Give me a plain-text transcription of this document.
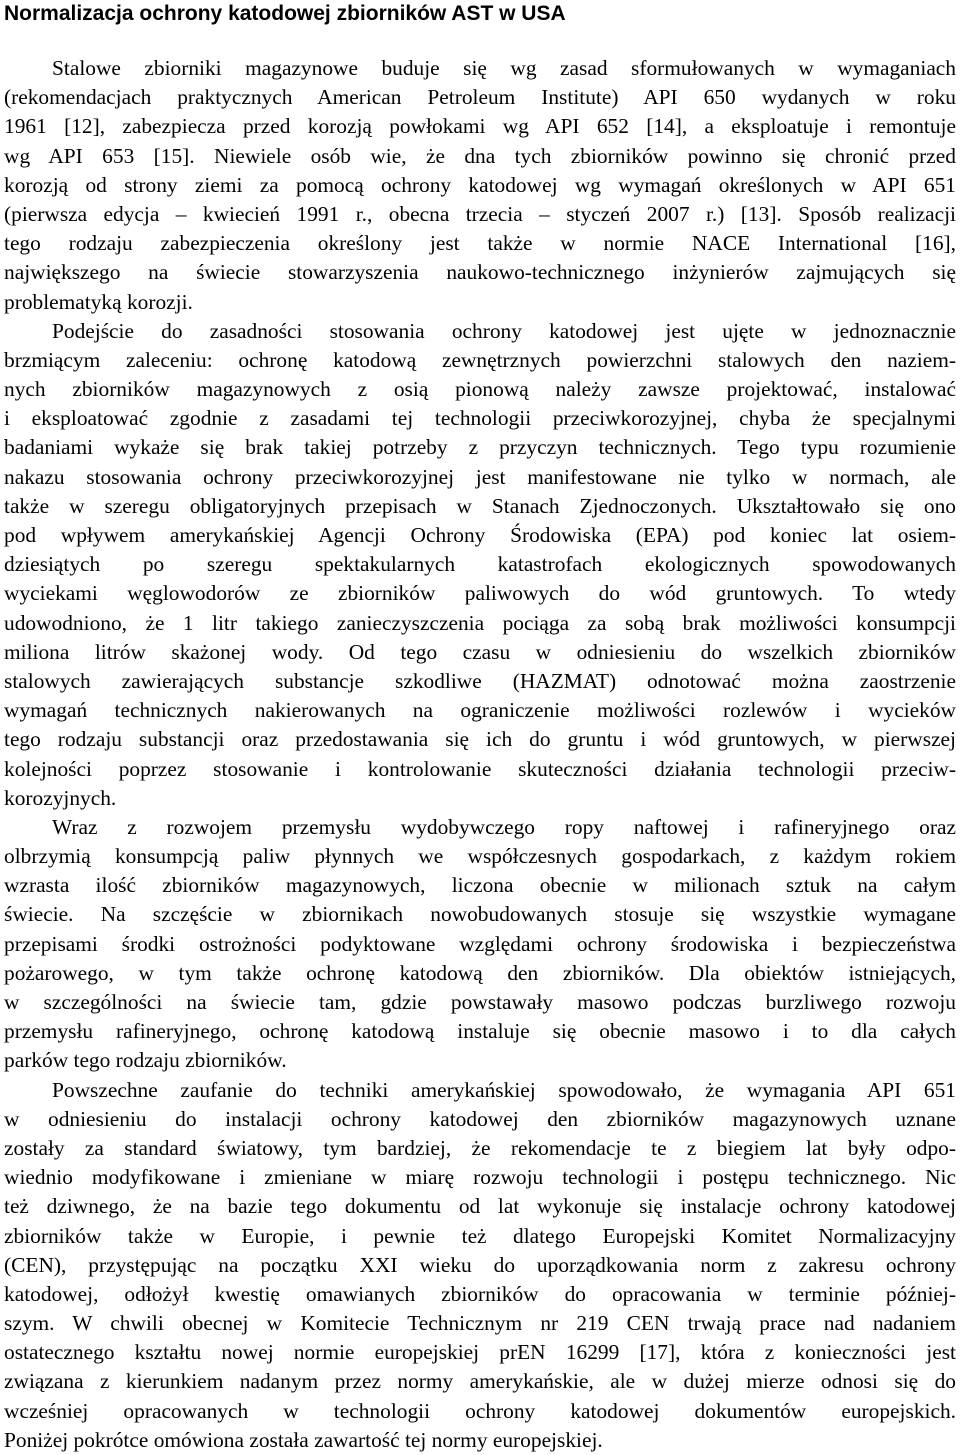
Normalizacja ochrony katodowej zbiorników AST w USA
Stalowe zbiorniki magazynowe buduje się wg zasad sformułowanych w wymaganiach
(rekomendacjach praktycznych American Petroleum Institute) API 650 wydanych w roku
1961 [12], zabezpiecza przed korozją powłokami wg API 652 [14], a eksploatuje i remontuje
wg API 653 [15]. Niewiele osób wie, że dna tych zbiorników powinno się chronić przed
korozją od strony ziemi za pomocą ochrony katodowej wg wymagań określonych w API 651
(pierwsza edycja – kwiecień 1991 r., obecna trzecia – styczeń 2007 r.) [13]. Sposób realizacji
tego rodzaju zabezpieczenia określony jest także w normie NACE International [16],
największego na świecie stowarzyszenia naukowo-technicznego inżynierów zajmujących się
problematyką korozji.
Podejście do zasadności stosowania ochrony katodowej jest ujęte w jednoznacznie
brzmiącym zaleceniu: ochronę katodową zewnętrznych powierzchni stalowych den naziem-
nych zbiorników magazynowych z osią pionową należy zawsze projektować, instalować
i eksploatować zgodnie z zasadami tej technologii przeciwkorozyjnej, chyba że specjalnymi
badaniami wykaże się brak takiej potrzeby z przyczyn technicznych. Tego typu rozumienie
nakazu stosowania ochrony przeciwkorozyjnej jest manifestowane nie tylko w normach, ale
także w szeregu obligatoryjnych przepisach w Stanach Zjednoczonych. Ukształtowało się ono
pod wpływem amerykańskiej Agencji Ochrony Środowiska (EPA) pod koniec lat osiem-
dziesiątych po szeregu spektakularnych katastrofach ekologicznych spowodowanych
wyciekami węglowodorów ze zbiorników paliwowych do wód gruntowych. To wtedy
udowodniono, że 1 litr takiego zanieczyszczenia pociąga za sobą brak możliwości konsumpcji
miliona litrów skażonej wody. Od tego czasu w odniesieniu do wszelkich zbiorników
stalowych zawierających substancje szkodliwe (HAZMAT) odnotować można zaostrzenie
wymagań technicznych nakierowanych na ograniczenie możliwości rozlewów i wycieków
tego rodzaju substancji oraz przedostawania się ich do gruntu i wód gruntowych, w pierwszej
kolejności poprzez stosowanie i kontrolowanie skuteczności działania technologii przeciw-
korozyjnych.
Wraz z rozwojem przemysłu wydobywczego ropy naftowej i rafineryjnego oraz
olbrzymią konsumpcją paliw płynnych we współczesnych gospodarkach, z każdym rokiem
wzrasta ilość zbiorników magazynowych, liczona obecnie w milionach sztuk na całym
świecie. Na szczęście w zbiornikach nowobudowanych stosuje się wszystkie wymagane
przepisami środki ostrożności podyktowane względami ochrony środowiska i bezpieczeństwa
pożarowego, w tym także ochronę katodową den zbiorników. Dla obiektów istniejących,
w szczególności na świecie tam, gdzie powstawały masowo podczas burzliwego rozwoju
przemysłu rafineryjnego, ochronę katodową instaluje się obecnie masowo i to dla całych
parków tego rodzaju zbiorników.
Powszechne zaufanie do techniki amerykańskiej spowodowało, że wymagania API 651
w odniesieniu do instalacji ochrony katodowej den zbiorników magazynowych uznane
zostały za standard światowy, tym bardziej, że rekomendacje te z biegiem lat były odpo-
wiednio modyfikowane i zmieniane w miarę rozwoju technologii i postępu technicznego. Nic
też dziwnego, że na bazie tego dokumentu od lat wykonuje się instalacje ochrony katodowej
zbiorników także w Europie, i pewnie też dlatego Europejski Komitet Normalizacyjny
(CEN), przystępując na początku XXI wieku do uporządkowania norm z zakresu ochrony
katodowej, odłożył kwestię omawianych zbiorników do opracowania w terminie później-
szym. W chwili obecnej w Komitecie Technicznym nr 219 CEN trwają prace nad nadaniem
ostatecznego kształtu nowej normie europejskiej prEN 16299 [17], która z konieczności jest
związana z kierunkiem nadanym przez normy amerykańskie, ale w dużej mierze odnosi się do
wcześniej opracowanych w technologii ochrony katodowej dokumentów europejskich.
Poniżej pokrótce omówiona została zawartość tej normy europejskiej.
